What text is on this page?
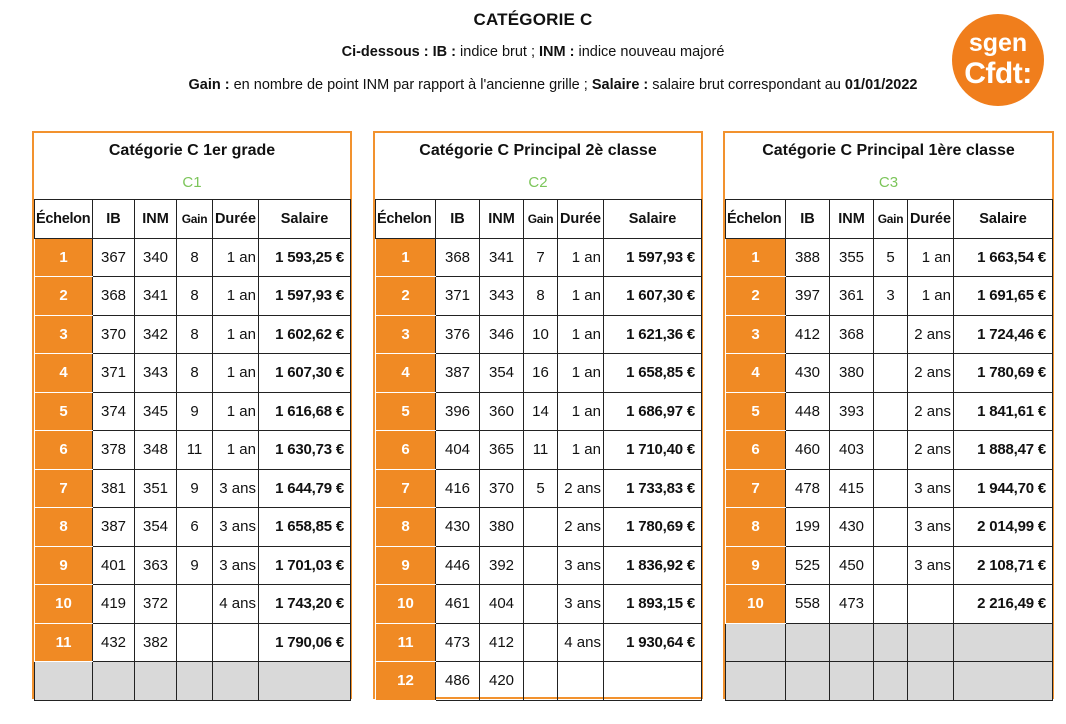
CATÉGORIE C
Ci-dessous : IB : indice brut ; INM : indice nouveau majoré
Gain : en nombre de point INM par rapport à l'ancienne grille ; Salaire : salaire brut correspondant au 01/01/2022
sgen
Cfdt:
Catégorie C 1er grade
C1
Échelon	IB	INM	Gain	Durée	Salaire
1	367	340	8	1 an	1 593,25 €
2	368	341	8	1 an	1 597,93 €
3	370	342	8	1 an	1 602,62 €
4	371	343	8	1 an	1 607,30 €
5	374	345	9	1 an	1 616,68 €
6	378	348	11	1 an	1 630,73 €
7	381	351	9	3 ans	1 644,79 €
8	387	354	6	3 ans	1 658,85 €
9	401	363	9	3 ans	1 701,03 €
10	419	372		4 ans	1 743,20 €
11	432	382			1 790,06 €

Catégorie C Principal 2è classe
C2
Échelon	IB	INM	Gain	Durée	Salaire
1	368	341	7	1 an	1 597,93 €
2	371	343	8	1 an	1 607,30 €
3	376	346	10	1 an	1 621,36 €
4	387	354	16	1 an	1 658,85 €
5	396	360	14	1 an	1 686,97 €
6	404	365	11	1 an	1 710,40 €
7	416	370	5	2 ans	1 733,83 €
8	430	380		2 ans	1 780,69 €
9	446	392		3 ans	1 836,92 €
10	461	404		3 ans	1 893,15 €
11	473	412		4 ans	1 930,64 €
12	486	420			
Catégorie C Principal 1ère classe
C3
Échelon	IB	INM	Gain	Durée	Salaire
1	388	355	5	1 an	1 663,54 €
2	397	361	3	1 an	1 691,65 €
3	412	368		2 ans	1 724,46 €
4	430	380		2 ans	1 780,69 €
5	448	393		2 ans	1 841,61 €
6	460	403		2 ans	1 888,47 €
7	478	415		3 ans	1 944,70 €
8	199	430		3 ans	2 014,99 €
9	525	450		3 ans	2 108,71 €
10	558	473			2 216,49 €
